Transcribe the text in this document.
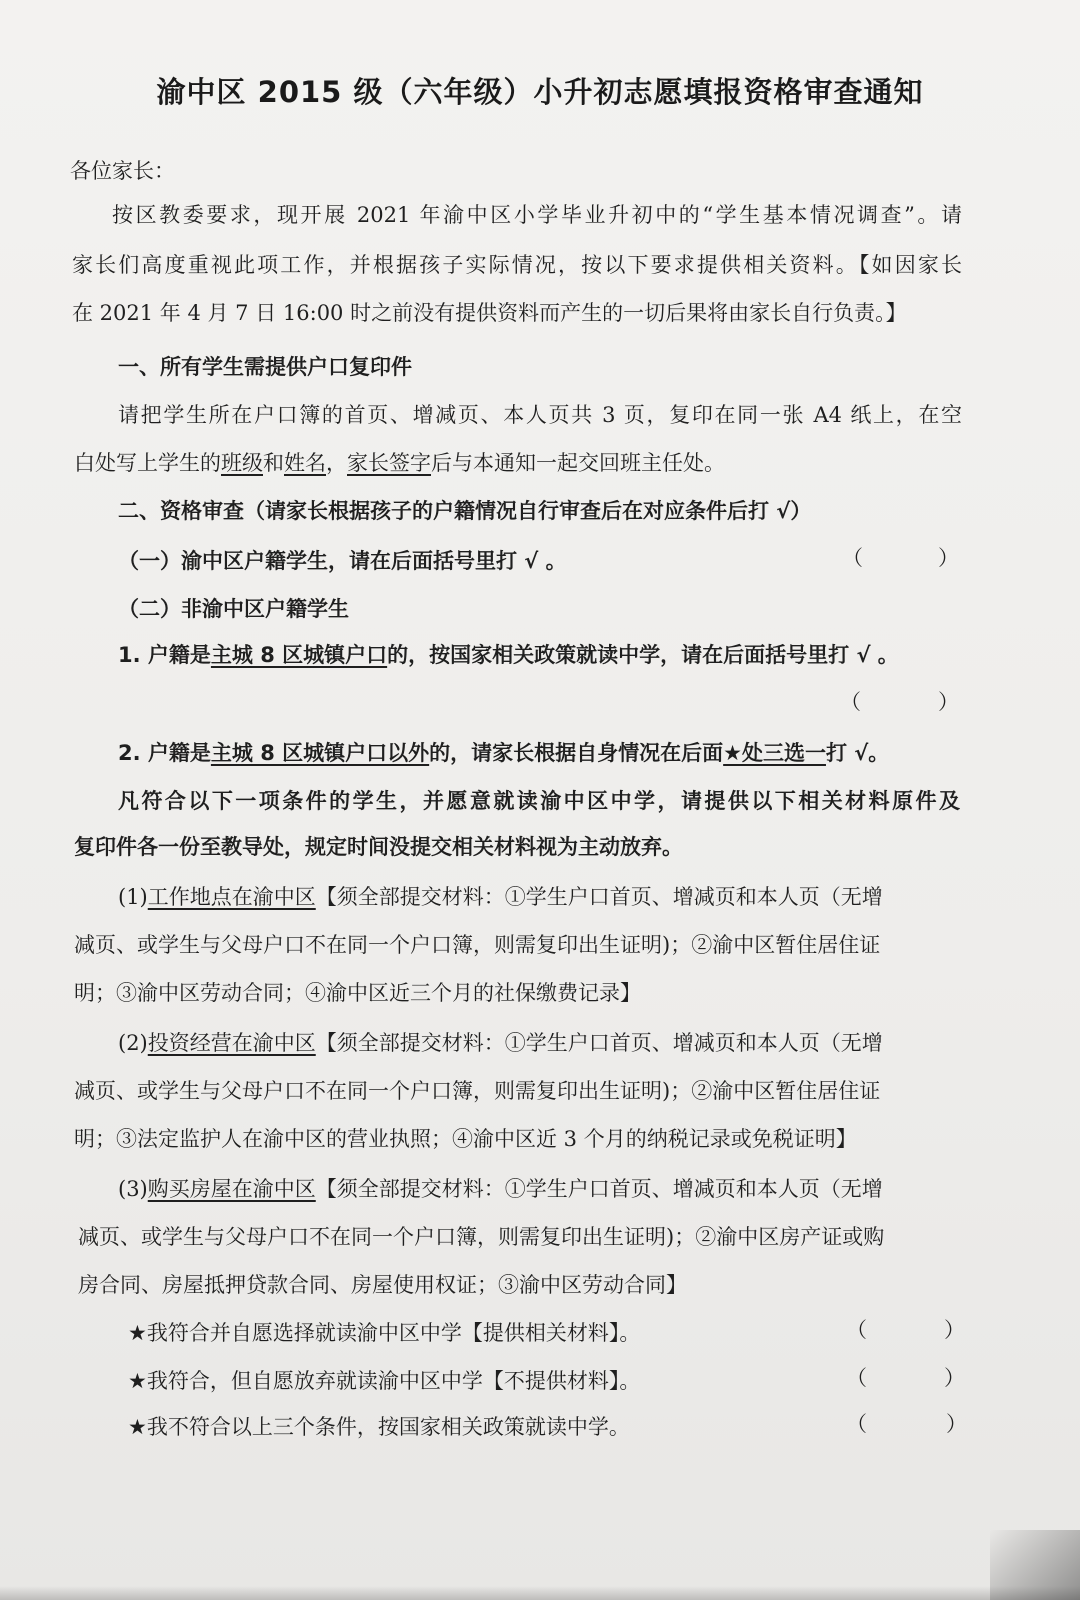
渝中区 2015 级（六年级）小升初志愿填报资格审查通知
各位家长：
按区教委要求，现开展 2021 年渝中区小学毕业升初中的“学生基本情况调查”。请
家长们高度重视此项工作，并根据孩子实际情况，按以下要求提供相关资料。【如因家长
在 2021 年 4 月 7 日 16:00 时之前没有提供资料而产生的一切后果将由家长自行负责。】
一、所有学生需提供户口复印件
请把学生所在户口簿的首页、增减页、本人页共 3 页，复印在同一张 A4 纸上，在空
白处写上学生的班级和姓名，家长签字后与本通知一起交回班主任处。
二、资格审查（请家长根据孩子的户籍情况自行审查后在对应条件后打 √）
（一）渝中区户籍学生，请在后面括号里打 √ 。	（	）
（二）非渝中区户籍学生
1. 户籍是主城 8 区城镇户口的，按国家相关政策就读中学，请在后面括号里打 √ 。
（	）
2. 户籍是主城 8 区城镇户口以外的，请家长根据自身情况在后面★处三选一打 √。
凡符合以下一项条件的学生，并愿意就读渝中区中学，请提供以下相关材料原件及
复印件各一份至教导处，规定时间没提交相关材料视为主动放弃。
(1)工作地点在渝中区【须全部提交材料：①学生户口首页、增减页和本人页（无增
减页、或学生与父母户口不在同一个户口簿，则需复印出生证明)；②渝中区暂住居住证
明；③渝中区劳动合同；④渝中区近三个月的社保缴费记录】
(2)投资经营在渝中区【须全部提交材料：①学生户口首页、增减页和本人页（无增
减页、或学生与父母户口不在同一个户口簿，则需复印出生证明)；②渝中区暂住居住证
明；③法定监护人在渝中区的营业执照；④渝中区近 3 个月的纳税记录或免税证明】
(3)购买房屋在渝中区【须全部提交材料：①学生户口首页、增减页和本人页（无增
减页、或学生与父母户口不在同一个户口簿，则需复印出生证明)；②渝中区房产证或购
房合同、房屋抵押贷款合同、房屋使用权证；③渝中区劳动合同】
★我符合并自愿选择就读渝中区中学【提供相关材料】。	（	）
★我符合，但自愿放弃就读渝中区中学【不提供材料】。	（	）
★我不符合以上三个条件，按国家相关政策就读中学。	（	）
